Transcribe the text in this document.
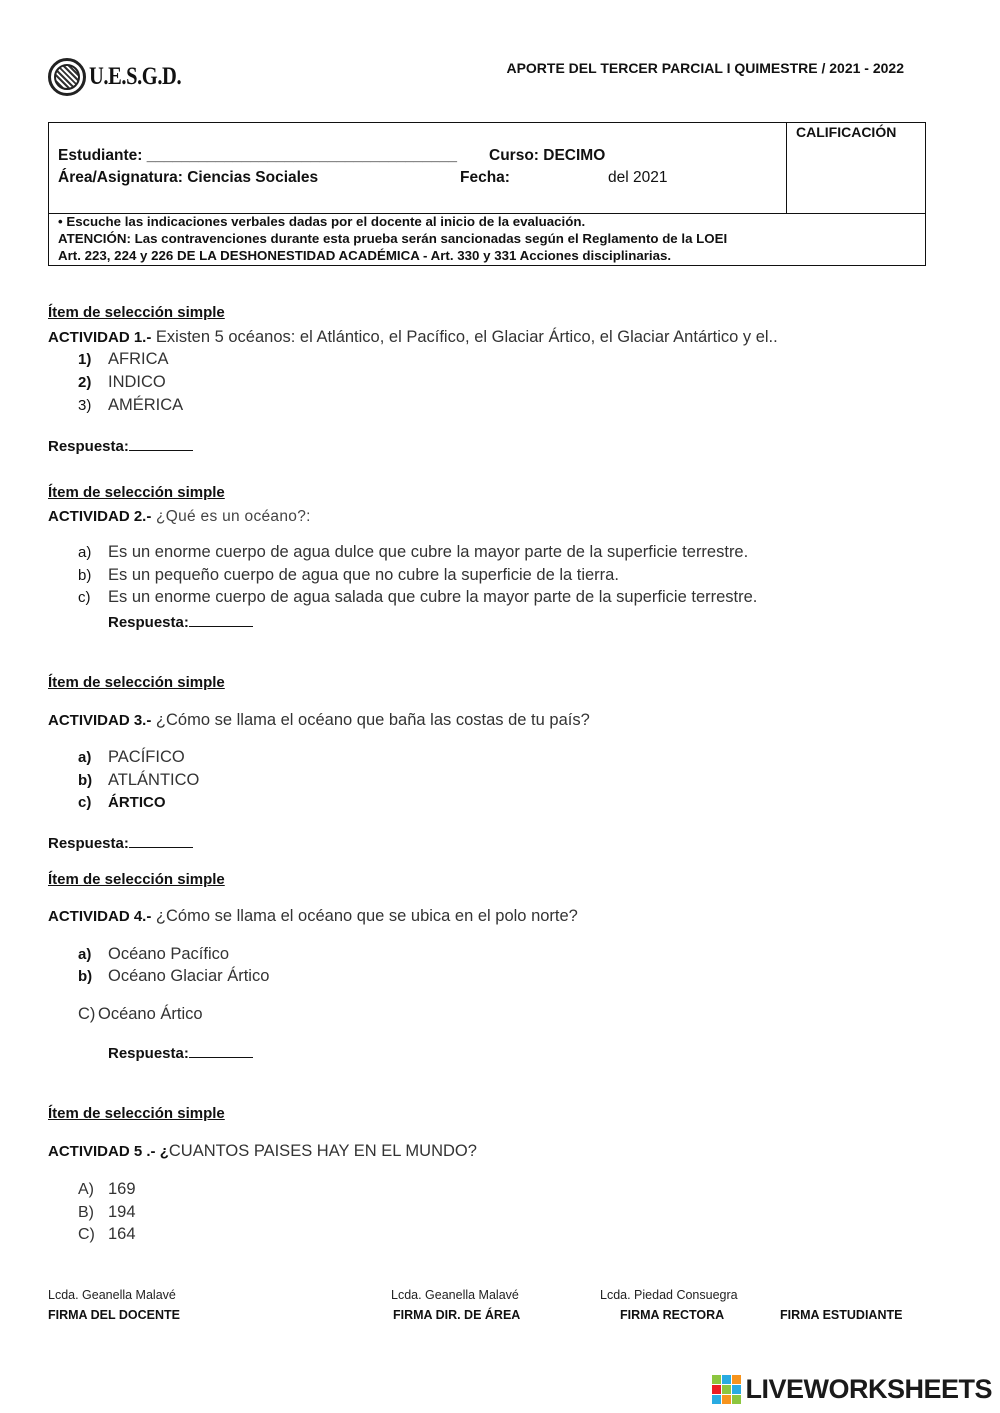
U.E.S.G.D.	APORTE DEL TERCER PARCIAL I QUIMESTRE / 2021 - 2022
CALIFICACIÓN
Estudiante: ____________________________________ Curso: DECIMO
Área/Asignatura: Ciencias Sociales	Fecha:	del 2021
• Escuche las indicaciones verbales dadas por el docente al inicio de la evaluación.
ATENCIÓN: Las contravenciones durante esta prueba serán sancionadas según el Reglamento de la LOEI
Art. 223, 224 y 226 DE LA DESHONESTIDAD ACADÉMICA - Art. 330 y 331 Acciones disciplinarias.
Ítem de selección simple
ACTIVIDAD 1.- Existen 5 océanos: el Atlántico, el Pacífico, el Glaciar Ártico, el Glaciar Antártico y el..
1) AFRICA
2) INDICO
3) AMÉRICA
Respuesta:
Ítem de selección simple
ACTIVIDAD 2.- ¿Qué es un océano?:
a) Es un enorme cuerpo de agua dulce que cubre la mayor parte de la superficie terrestre.
b) Es un pequeño cuerpo de agua que no cubre la superficie de la tierra.
c) Es un enorme cuerpo de agua salada que cubre la mayor parte de la superficie terrestre.
Respuesta:
Ítem de selección simple
ACTIVIDAD 3.- ¿Cómo se llama el océano que baña las costas de tu país?
a) PACÍFICO
b) ATLÁNTICO
c) ÁRTICO
Respuesta:
Ítem de selección simple
ACTIVIDAD 4.- ¿Cómo se llama el océano que se ubica en el polo norte?
a) Océano Pacífico
b) Océano Glaciar Ártico
C) Océano Ártico
Respuesta:
Ítem de selección simple
ACTIVIDAD 5 .- ¿CUANTOS PAISES HAY EN EL MUNDO?
A) 169
B) 194
C) 164
Lcda. Geanella Malavé
FIRMA DEL DOCENTE
Lcda. Geanella Malavé
FIRMA DIR. DE ÁREA
Lcda. Piedad Consuegra
FIRMA RECTORA	FIRMA ESTUDIANTE
LIVEWORKSHEETS
